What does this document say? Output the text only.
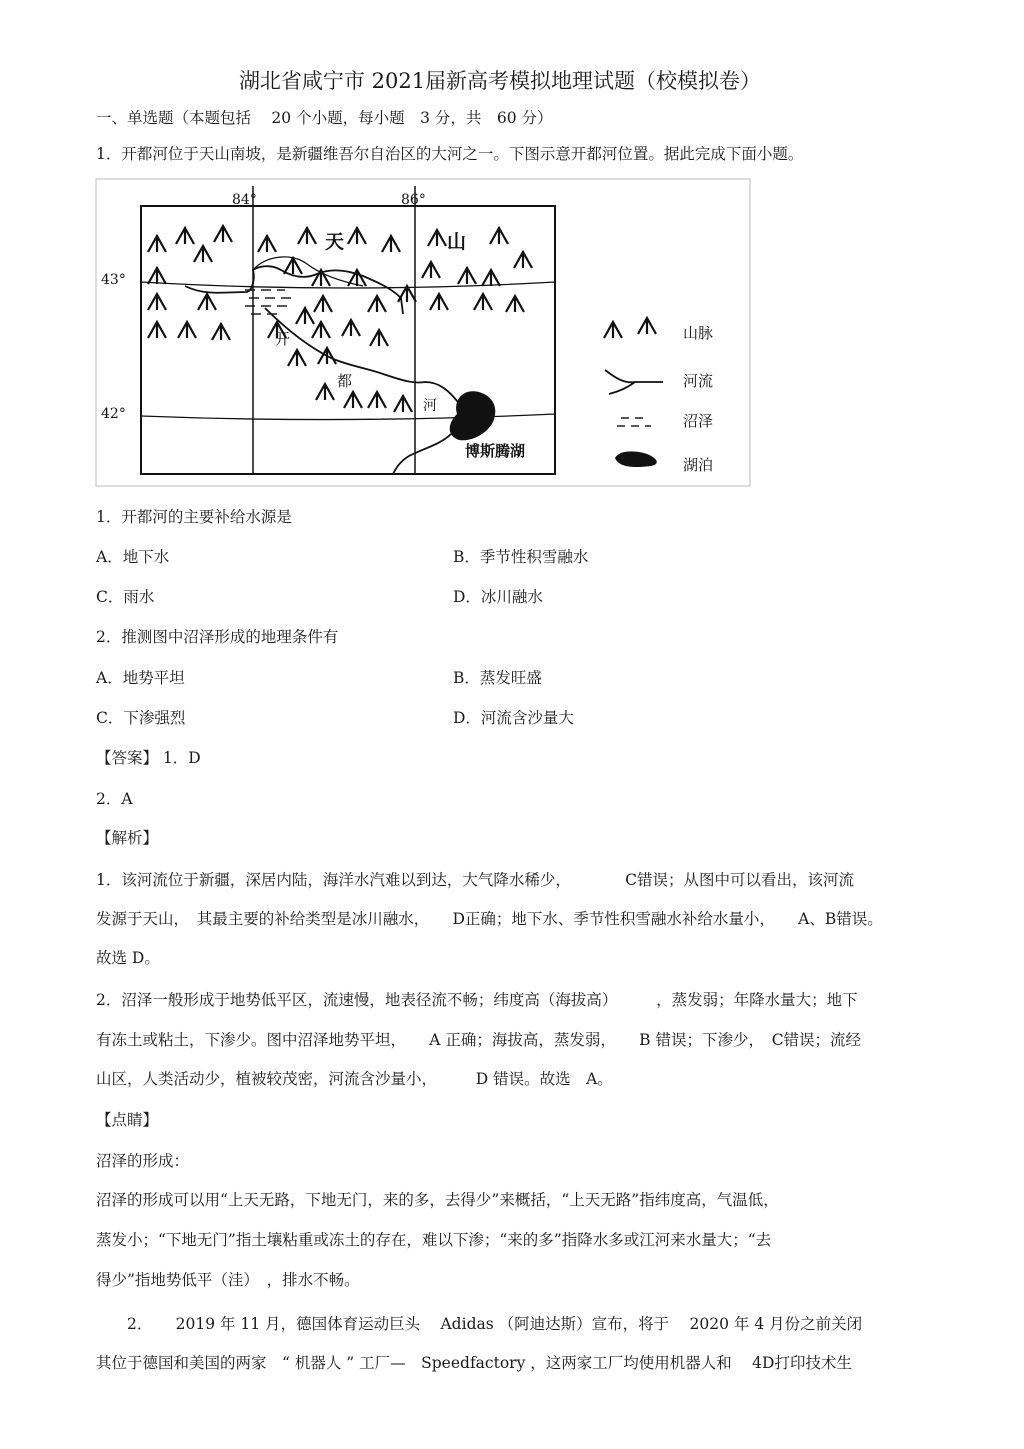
湖北省咸宁市 2021届新高考模拟地理试题（校模拟卷）
一、单选题（本题包括　 20 个小题，每小题　3 分，共　60 分）
1．开都河位于天山南坡，是新疆维吾尔自治区的大河之一。下图示意开都河位置。据此完成下面小题。
84°	86°
43°
42°
天	山
开
都
河
博斯腾湖
山脉
河流
沼泽
湖泊
1．开都河的主要补给水源是
A．地下水	B．季节性积雪融水
C．雨水	D．冰川融水
2．推测图中沼泽形成的地理条件有
A．地势平坦	B．蒸发旺盛
C．下渗强烈	D．河流含沙量大
【答案】 1．D
2．A
【解析】
1．该河流位于新疆，深居内陆，海洋水汽难以到达，大气降水稀少，　　　　C错误；从图中可以看出，该河流
发源于天山，　其最主要的补给类型是冰川融水，　　D正确；地下水、季节性积雪融水补给水量小，　　A、B错误。
故选 D。
2．沼泽一般形成于地势低平区，流速慢，地表径流不畅；纬度高（海拔高）　　　，蒸发弱；年降水量大；地下
有冻土或粘土，下渗少。图中沼泽地势平坦，　　A 正确；海拔高，蒸发弱，　　B 错误；下渗少，　C错误；流经
山区，人类活动少，植被较茂密，河流含沙量小，　　　D 错误。故选　A。
【点睛】
沼泽的形成：
沼泽的形成可以用“上天无路，下地无门，来的多，去得少”来概括，“上天无路”指纬度高，气温低，
蒸发小；“下地无门”指土壤粘重或冻土的存在，难以下渗；“来的多”指降水多或江河来水量大；“去
得少”指地势低平（洼）　，排水不畅。
　　2．　　2019 年 11 月，德国体育运动巨头　 Adidas （阿迪达斯）宣布，将于　 2020 年 4 月份之前关闭
其位于德国和美国的两家　“ 机器人 ” 工厂—　Speedfactory ，这两家工厂均使用机器人和　 4D打印技术生
